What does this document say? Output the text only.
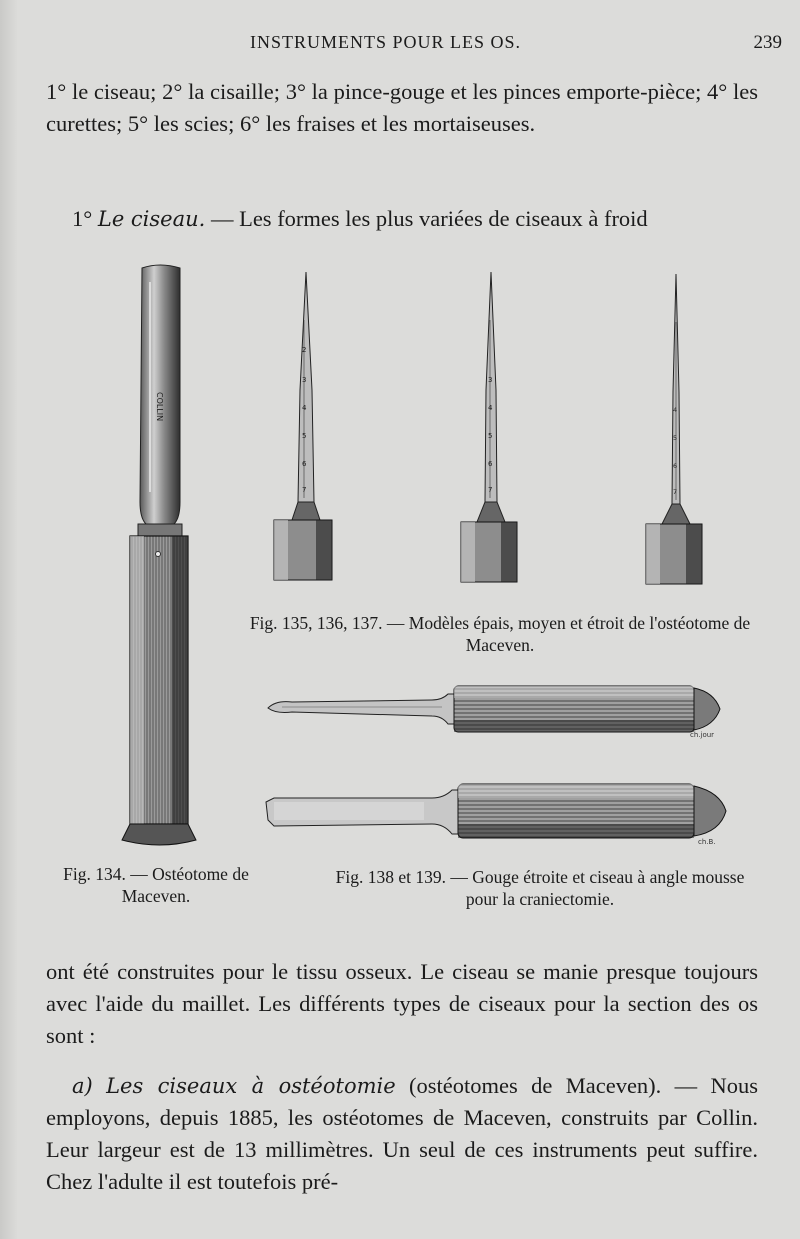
INSTRUMENTS POUR LES OS.	239

1° le ciseau; 2° la cisaille; 3° la pince-gouge et les pinces emporte-pièce; 4° les curettes; 5° les scies; 6° les fraises et les mortaiseuses.

1° Le ciseau. — Les formes les plus variées de ciseaux à froid

COLLIN
2
3
4
5
6
7
3
4
5
6
7
4
5
6
7
Fig. 135, 136, 137. — Modèles épais, moyen et étroit de l'ostéotome de Maceven.
ch.jour
ch.B.
Fig. 134. — Ostéotome de Maceven.
Fig. 138 et 139. — Gouge étroite et ciseau à angle mousse pour la craniectomie.

ont été construites pour le tissu osseux. Le ciseau se manie presque toujours avec l'aide du maillet. Les différents types de ciseaux pour la section des os sont :

a) Les ciseaux à ostéotomie (ostéotomes de Maceven). — Nous employons, depuis 1885, les ostéotomes de Maceven, construits par Collin. Leur largeur est de 13 millimètres. Un seul de ces instruments peut suffire. Chez l'adulte il est toutefois pré-
